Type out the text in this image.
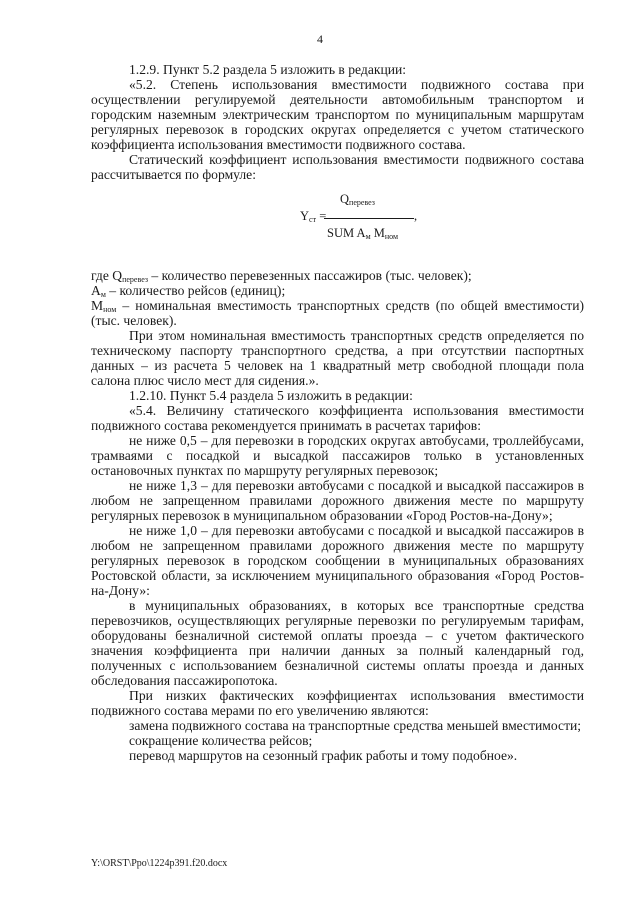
4

1.2.9. Пункт 5.2 раздела 5 изложить в редакции:

«5.2. Степень использования вместимости подвижного состава при осуществлении регулируемой деятельности автомобильным транспортом и городским наземным электрическим транспортом по муниципальным маршрутам регулярных перевозок в городских округах определяется с учетом статического коэффициента использования вместимости подвижного состава.

Статический коэффициент использования вместимости подвижного состава рассчитывается по формуле:

$Q_{перевез}$
$Y_{ст}$ =	,
SUM $A_м$ $M_{ном}$

где $Q_{перевез}$ – количество перевезенных пассажиров (тыс. человек);

$A_м$ – количество рейсов (единиц);

$M_{ном}$ – номинальная вместимость транспортных средств (по общей вместимости) (тыс. человек).

При этом номинальная вместимость транспортных средств определяется по техническому паспорту транспортного средства, а при отсутствии паспортных данных – из расчета 5 человек на 1 квадратный метр свободной площади пола салона плюс число мест для сидения.».

1.2.10. Пункт 5.4 раздела 5 изложить в редакции:

«5.4. Величину статического коэффициента использования вместимости подвижного состава рекомендуется принимать в расчетах тарифов:

не ниже 0,5 – для перевозки в городских округах автобусами, троллейбусами, трамваями с посадкой и высадкой пассажиров только в установленных остановочных пунктах по маршруту регулярных перевозок;

не ниже 1,3 – для перевозки автобусами с посадкой и высадкой пассажиров в любом не запрещенном правилами дорожного движения месте по маршруту регулярных перевозок в муниципальном образовании «Город Ростов-на-Дону»;

не ниже 1,0 – для перевозки автобусами с посадкой и высадкой пассажиров в любом не запрещенном правилами дорожного движения месте по маршруту регулярных перевозок в городском сообщении в муниципальных образованиях Ростовской области, за исключением муниципального образования «Город Ростов-на-Дону»:

в муниципальных образованиях, в которых все транспортные средства перевозчиков, осуществляющих регулярные перевозки по регулируемым тарифам, оборудованы безналичной системой оплаты проезда – с учетом фактического значения коэффициента при наличии данных за полный календарный год, полученных с использованием безналичной системы оплаты проезда и данных обследования пассажиропотока.

При низких фактических коэффициентах использования вместимости подвижного состава мерами по его увеличению являются:

замена подвижного состава на транспортные средства меньшей вместимости;

сокращение количества рейсов;

перевод маршрутов на сезонный график работы и тому подобное».

Y:\ORST\Ppo\1224p391.f20.docx
